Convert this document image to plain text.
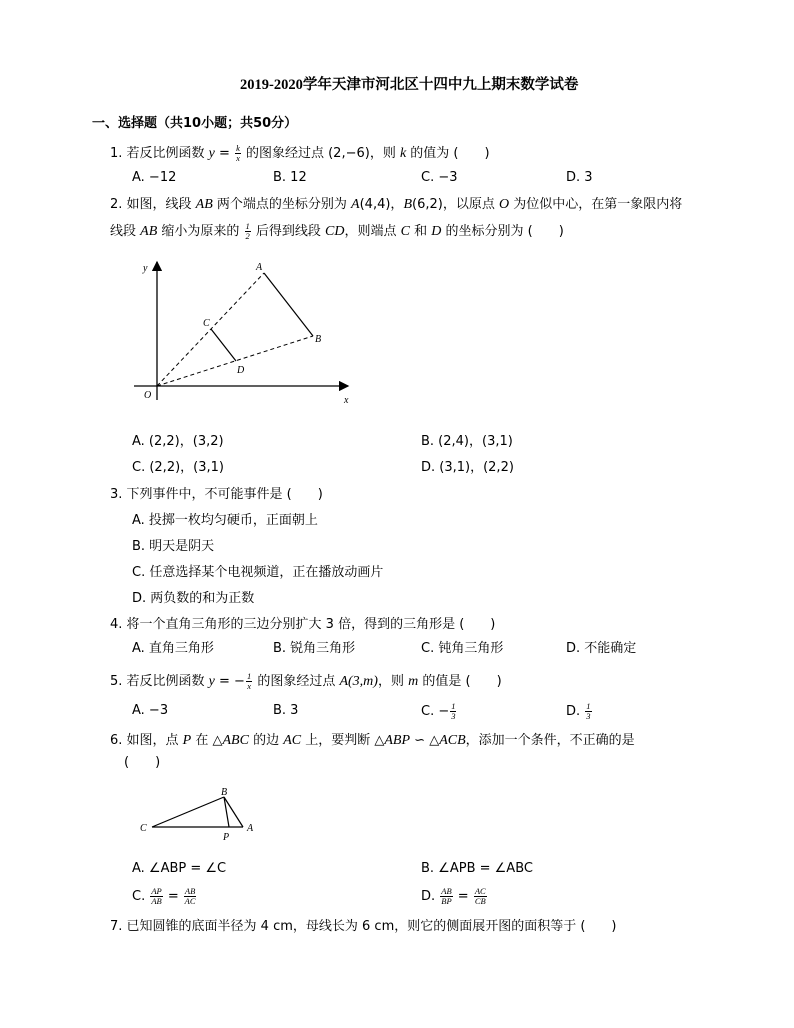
2019-2020学年天津市河北区十四中九上期末数学试卷
一、选择题（共10小题；共50分）
1. 若反比例函数 $y = \frac{k}{x}$ 的图象经过点 (2,−6)，则 k 的值为 (　　)
A. −12	B. 12	C. −3	D. 3
2. 如图，线段 AB 两个端点的坐标分别为 A(4,4)，B(6,2)，以原点 O 为位似中心，在第一象限内将
线段 AB 缩小为原来的 $\frac{1}{2}$ 后得到线段 CD，则端点 C 和 D 的坐标分别为 (　　)
y
x
O
A
B
C
D
B
C
P
A
A. (2,2)，(3,2)	B. (2,4)，(3,1)
C. (2,2)，(3,1)	D. (3,1)，(2,2)
3. 下列事件中，不可能事件是 (　　)
A. 投掷一枚均匀硬币，正面朝上
B. 明天是阴天
C. 任意选择某个电视频道，正在播放动画片
D. 两负数的和为正数
4. 将一个直角三角形的三边分别扩大 3 倍，得到的三角形是 (　　)
A. 直角三角形	B. 锐角三角形	C. 钝角三角形	D. 不能确定
5. 若反比例函数 y = − $\frac{1}{x}$ 的图象经过点 A(3,m)，则 m 的值是 (　　)
A. −3	B. 3	C. − $\frac{1}{3}$	D. $\frac{1}{3}$
6. 如图，点 P 在 △ABC 的边 AC 上，要判断 △ABP ∽ △ACB，添加一个条件，不正确的是
(　　)
A. ∠ABP = ∠C	B. ∠APB = ∠ABC
C. $\frac{AP}{AB} = \frac{AB}{AC}$	D. $\frac{AB}{BP} = \frac{AC}{CB}$
7. 已知圆锥的底面半径为 4 cm，母线长为 6 cm，则它的侧面展开图的面积等于 (　　)
